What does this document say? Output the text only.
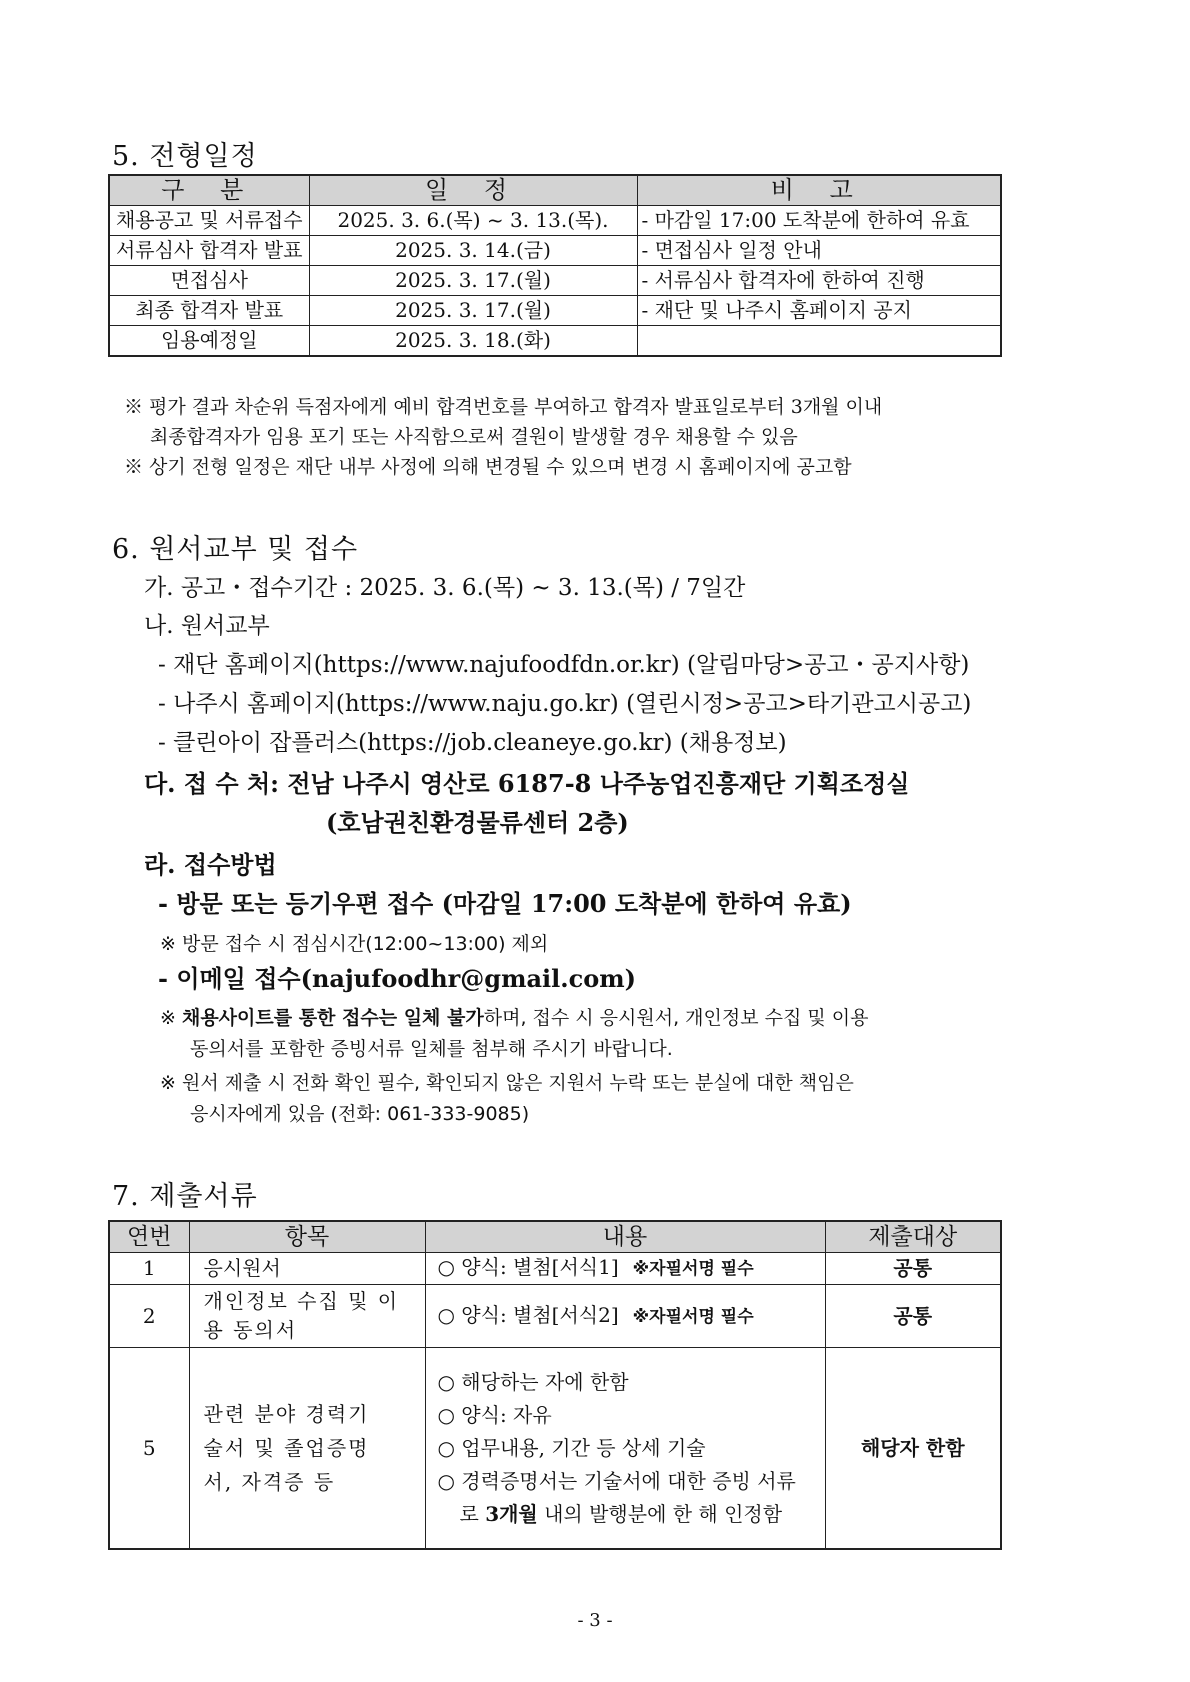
5. 전형일정
구 분	일 정	비 고
채용공고 및 서류접수	2025. 3. 6.(목) ~ 3. 13.(목).	- 마감일 17:00 도착분에 한하여 유효
서류심사 합격자 발표	2025. 3. 14.(금)	- 면접심사 일정 안내
면접심사	2025. 3. 17.(월)	- 서류심사 합격자에 한하여 진행
최종 합격자 발표	2025. 3. 17.(월)	- 재단 및 나주시 홈페이지 공지
임용예정일	2025. 3. 18.(화)	
※ 평가 결과 차순위 득점자에게 예비 합격번호를 부여하고 합격자 발표일로부터 3개월 이내
최종합격자가 임용 포기 또는 사직함으로써 결원이 발생할 경우 채용할 수 있음
※ 상기 전형 일정은 재단 내부 사정에 의해 변경될 수 있으며 변경 시 홈페이지에 공고함
6. 원서교부 및 접수
가. 공고・접수기간 : 2025. 3. 6.(목) ~ 3. 13.(목) / 7일간
나. 원서교부
- 재단 홈페이지(https://www.najufoodfdn.or.kr) (알림마당>공고・공지사항)
- 나주시 홈페이지(https://www.naju.go.kr) (열린시정>공고>타기관고시공고)
- 클린아이 잡플러스(https://job.cleaneye.go.kr) (채용정보)
다. 접 수 처: 전남 나주시 영산로 6187-8 나주농업진흥재단 기획조정실
(호남권친환경물류센터 2층)
라. 접수방법
- 방문 또는 등기우편 접수 (마감일 17:00 도착분에 한하여 유효)
※ 방문 접수 시 점심시간(12:00~13:00) 제외
- 이메일 접수(najufoodhr@gmail.com)
※ 채용사이트를 통한 접수는 일체 불가하며, 접수 시 응시원서, 개인정보 수집 및 이용
동의서를 포함한 증빙서류 일체를 첨부해 주시기 바랍니다.
※ 원서 제출 시 전화 확인 필수, 확인되지 않은 지원서 누락 또는 분실에 대한 책임은
응시자에게 있음 (전화: 061-333-9085)
7. 제출서류
연번	항목	내용	제출대상
1	응시원서	○ 양식: 별첨[서식1] ※자필서명 필수	공통
2	개인정보 수집 및 이용 동의서	○ 양식: 별첨[서식2] ※자필서명 필수	공통
5	관련 분야 경력기술서 및 졸업증명서, 자격증 등	○ 해당하는 자에 한함
○ 양식: 자유
○ 업무내용, 기간 등 상세 기술
○ 경력증명서는 기술서에 대한 증빙 서류로 3개월 내의 발행분에 한 해 인정함	해당자 한함
- 3 -
